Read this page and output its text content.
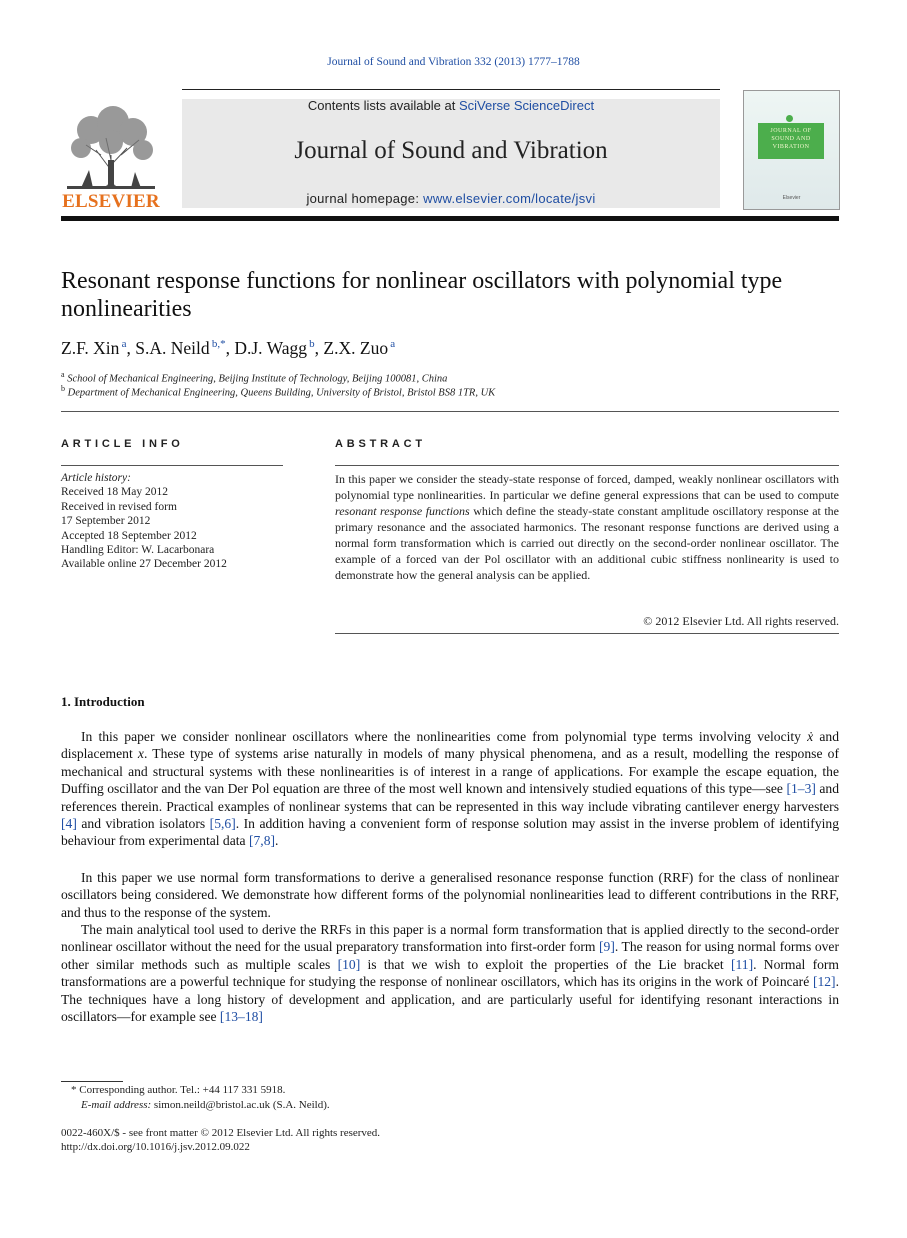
Journal of Sound and Vibration 332 (2013) 1777–1788
ELSEVIER
Contents lists available at SciVerse ScienceDirect
Journal of Sound and Vibration
journal homepage: www.elsevier.com/locate/jsvi
JOURNAL OF SOUND AND VIBRATION
Elsevier
Resonant response functions for nonlinear oscillators with polynomial type nonlinearities
Z.F. Xin  $^a$, S.A. Neild  $^{b,*}$, D.J. Wagg  $^b$, Z.X. Zuo  $^a$
$^a$ School of Mechanical Engineering, Beijing Institute of Technology, Beijing 100081, China
$^b$ Department of Mechanical Engineering, Queens Building, University of Bristol, Bristol BS8 1TR, UK
ARTICLE INFO
Article history:
Received 18 May 2012
Received in revised form
17 September 2012
Accepted 18 September 2012
Handling Editor: W. Lacarbonara
Available online 27 December 2012
ABSTRACT
In this paper we consider the steady-state response of forced, damped, weakly nonlinear oscillators with polynomial type nonlinearities. In particular we define general expressions that can be used to compute resonant response functions which define the steady-state constant amplitude oscillatory response at the primary resonance and the associated harmonics. The resonant response functions are derived using a normal form transformation which is carried out directly on the second-order nonlinear oscillator. The example of a forced van der Pol oscillator with an additional cubic stiffness nonlinearity is used to demonstrate how the general analysis can be applied.
© 2012 Elsevier Ltd. All rights reserved.
1. Introduction
In this paper we consider nonlinear oscillators where the nonlinearities come from polynomial type terms involving velocity ẋ and displacement x. These type of systems arise naturally in models of many physical phenomena, and as a result, modelling the response of mechanical and structural systems with these nonlinearities is of interest in a range of applications. For example the escape equation, the Duffing oscillator and the van Der Pol equation are three of the most well known and intensively studied equations of this type—see [1–3] and references therein. Practical examples of nonlinear systems that can be represented in this way include vibrating cantilever energy harvesters [4] and vibration isolators [5,6]. In addition having a convenient form of response solution may assist in the inverse problem of identifying behaviour from experimental data [7,8].
In this paper we use normal form transformations to derive a generalised resonance response function (RRF) for the class of nonlinear oscillators being considered. We demonstrate how different forms of the polynomial nonlinearities lead to different contributions in the RRF, and thus to the response of the system.
The main analytical tool used to derive the RRFs in this paper is a normal form transformation that is applied directly to the second-order nonlinear oscillator without the need for the usual preparatory transformation into first-order form [9]. The reason for using normal forms over other similar methods such as multiple scales [10] is that we wish to exploit the properties of the Lie bracket [11]. Normal form transformations are a powerful technique for studying the response of nonlinear oscillators, which has its origins in the work of Poincaré [12]. The techniques have a long history of development and application, and are particularly useful for identifying resonant interactions in oscillators—for example see [13–18]
* Corresponding author. Tel.: +44 117 331 5918.
E-mail address: simon.neild@bristol.ac.uk (S.A. Neild).
0022-460X/$ - see front matter © 2012 Elsevier Ltd. All rights reserved.
http://dx.doi.org/10.1016/j.jsv.2012.09.022
